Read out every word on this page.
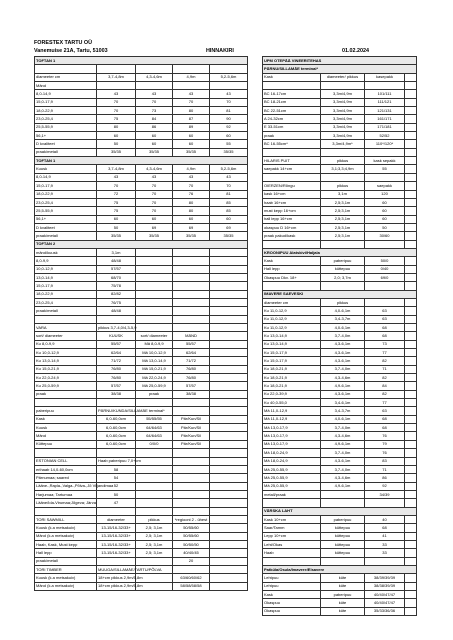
FORESTEX TARTU OÜ
Vanemuise 21A, Tartu, 51003	HINNAKIRI	01.02.2024
TOFTAN 1				

diameeter cm	3,7-4,8m	4,3-4,6m	4,9m	5,2-5,6m
Mänd				
8,0-14,9	43	43	43	43
15,0-17,9	70	70	70	70
18,0-22,9	70	73	80	81
23,0-25,4	75	84	87	90
25,5-55,9	80	86	89	92
56,1+	60	60	60	60
D kvaliteet	50	60	60	55
praak/metall	35/35	35/35	35/35	35/35
TOFTAN 1				
Kuusk	3,7-4,8m	4,3-4,6m	4,9m	5,2-5,6m
8,0-14,9	43	43	43	43
15,0-17,9	70	70	70	70
18,0-22,9	72	70	76	81
23,0-25,4	75	70	80	85
25,5-55,9	75	70	80	85
56,1+	60	60	60	60
D kvaliteet	50	69	69	69
praak/metall	35/35	35/35	35/35	35/35
TOFTAN 2				
mänd/kuusk	3,1m			
8,0-9,9	48/48			
10,0-12,9	57/57			
13,0-14,9	68/70			
15,0-17,9	75/78			
18,0-22,9	82/82			
23,0-25,4	76/75			
praak/metall	48/48			

VARA	pikkus 3,7-4,0/4,3-5,9			
sort/ diameeter	KUUSK	sort/ diameeter	MÄND	
Ku 8,0-9,9	55/57	Mä 8,0-9,9	55/57	
Ku 10,0-12,9	62/64	Mä 10,0-12,9	62/64	
Ku 13,0-14,9	71/72	Mä 13,0-14,9	71/72	
Ku 15,0-21,9	76/80	Mä 15,0-21,9	76/80	
Ku 22,0-24,9	76/80	Mä 22,0-24,9	76/80	
Ku 25,0-59,9	57/57	Mä 25,0-59,9	57/57	
praak	38/38	praak	38/38	

paberipuu	PÄRNU/KUNDA/SILLAMÄE terminal*			
Kask	6,0-60,0cm	55/55/55	Pär/Kun/Sil	
Kuusk	6,0-60,0cm	64/64/63	Pär/Kun/Sil	
Mänd	6,0-60,0cm	64/64/63	Pär/Kun/Sil	
Küttepuu	6,0-60,0cm	0/0/0	Pär/Kun/Sil	

ESTONIAN CELL	Haab paberipuu 7,0+cm			
erihaab 14,0-60,0cm	58			
Pärnumaa; saared	54			
Lääne-,Rapla-,Valga-,Põlva-,Jõ Viljandimaa	52			
Harjumaa; Tartumaa	50			
Lääne/Ida-Virumaa;Jõgeva; Järva	47			

TORI SAWMILL	diameeter	pikkus	*regiooni 2 - ühest	
Kuusk (k.a metsakuiv)	13-15/16-32/33+	2,5; 3,1m	50/55/60	
Mänd (k.a metsakuiv)	13-15/16-32/33+	2,5; 3,1m	50/55/60	
Haab, Kask, Must kepp	13-15/16-32/33+	2,5; 3,1m	50/50/50	
Hall lepp	13-15/16-32/33+	2,5; 3,1m	40/40/45	
praak/metall			20	
TORI TIMBER	MUUGA/SILLAMÄE/TARTU/PÕLVA			
Kuusk (k.a metsakuiv)	18+cm pikkus 2,9m/5,8m		63/60/60/62	
Mänd (k.a metsakuiv)	18+cm pikkus 2,9m/5,8m		58/58/58/58	
UPM OTEPÄÄ VINEERITEHAS			
PÄRNU/SILLAMÄE terminal*			
Kask	diameeter/ pikkus	kasepakk	

BC 16-17cm	3,3m/4,9m	101/111	
BC 18-21cm	3,3m/4,9m	111/121	
BC 22-51cm	3,3m/4,9m	121/131	
A 24-32cm	3,3m/4,9m	161/171	
E 33-51cm	3,3m/4,9m	171/181	
praak	3,3m/4,9m	52/52	
BC 16-55cm*	3,3m/4,9m*	110*/120*	

HILARIS PUIT	pikkus	kask sepakk	
saepakk 14+cm	3,1;3,3;4,9m	55	

OIERZEN/Rõngu	pikkus	saepakk	
kask 16+cm	3,1m	120	
haab 16+cm	2,5;3,1m	60	
must kepp 16+cm	2,5;3,1m	60	
hall lepp 16+cm	2,5;3,1m	60	
okaspuu D 16+cm	2,5;3,1m	50	
praak pakud/kask	2,5;3,1m	30/60	

KROONIPUU Alatskivi/Haljala			
Kask	paberipuu	50/0	
Hall lepp	küttepuu	0/40	
Okaspuu Dkv. 18+	2,0; 3,7m	69/0	

IMAVERE SAEVESKI			
diameeter cm	pikkus		
Ku 11,0-12,9	4,0-6,1m	63	
Ku 11,0-12,9	3,4-3,7m	63	
Ku 11,0-12,9	4,0-6,1m	68	
Ku 13,0-14,9	3,7-4,0m	68	
Ku 13,0-14,9	4,3-6,1m	73	
Ku 15,0-17,9	4,3-6,1m	77	
Ku 15,0-17,9	4,3-6,1m	82	
Ku 18,0-21,9	3,7-4,0m	71	
Ku 18,0-21,9	4,3-4,6m	82	
Ku 18,0-21,9	4,9-6,1m	84	
Ku 22,0-39,9	4,3-6,1m	82	
Ku 40,0-55,0	3,4-6,1m	77	
Mä 11,0-12,9	3,4-3,7m	63	
Mä 11,0-12,9	4,0-6,1m	68	
Mä 13,0-17,9	3,7-4,0m	68	
Mä 13,0-17,9	4,3-4,6m	76	
Mä 13,0-17,9	4,9-6,1m	79	
Mä 18,0-24,9	3,7-4,0m	76	
Mä 18,0-24,9	4,3-6,1m	83	
Mä 25,0-55,9	3,7-4,0m	71	
Mä 25,0-55,9	4,3-4,6m	86	
Mä 25,0-55,9	4,9-6,1m	92	
metall/praak		34/39	

VÄRSKA LAHT			
Kask 10+cm	paberipuu	40	
Saar/Tamm	küttepuu	68	
Lepp 10+cm	küttepuu	41	
Leht/Okas	küttepuu	33	
Haab	küttepuu	33	

Patküla/Osula/Imavere/Elsavere			
Lehtpuu	küte	38/39/39/39	
Lehtpuu	küte	38/38/39/39	
Kask	paberipuu	40/40/47/47	
Okaspuu	küte	40/40/47/47	
Okaspuu	küte	35/33/36/36	
